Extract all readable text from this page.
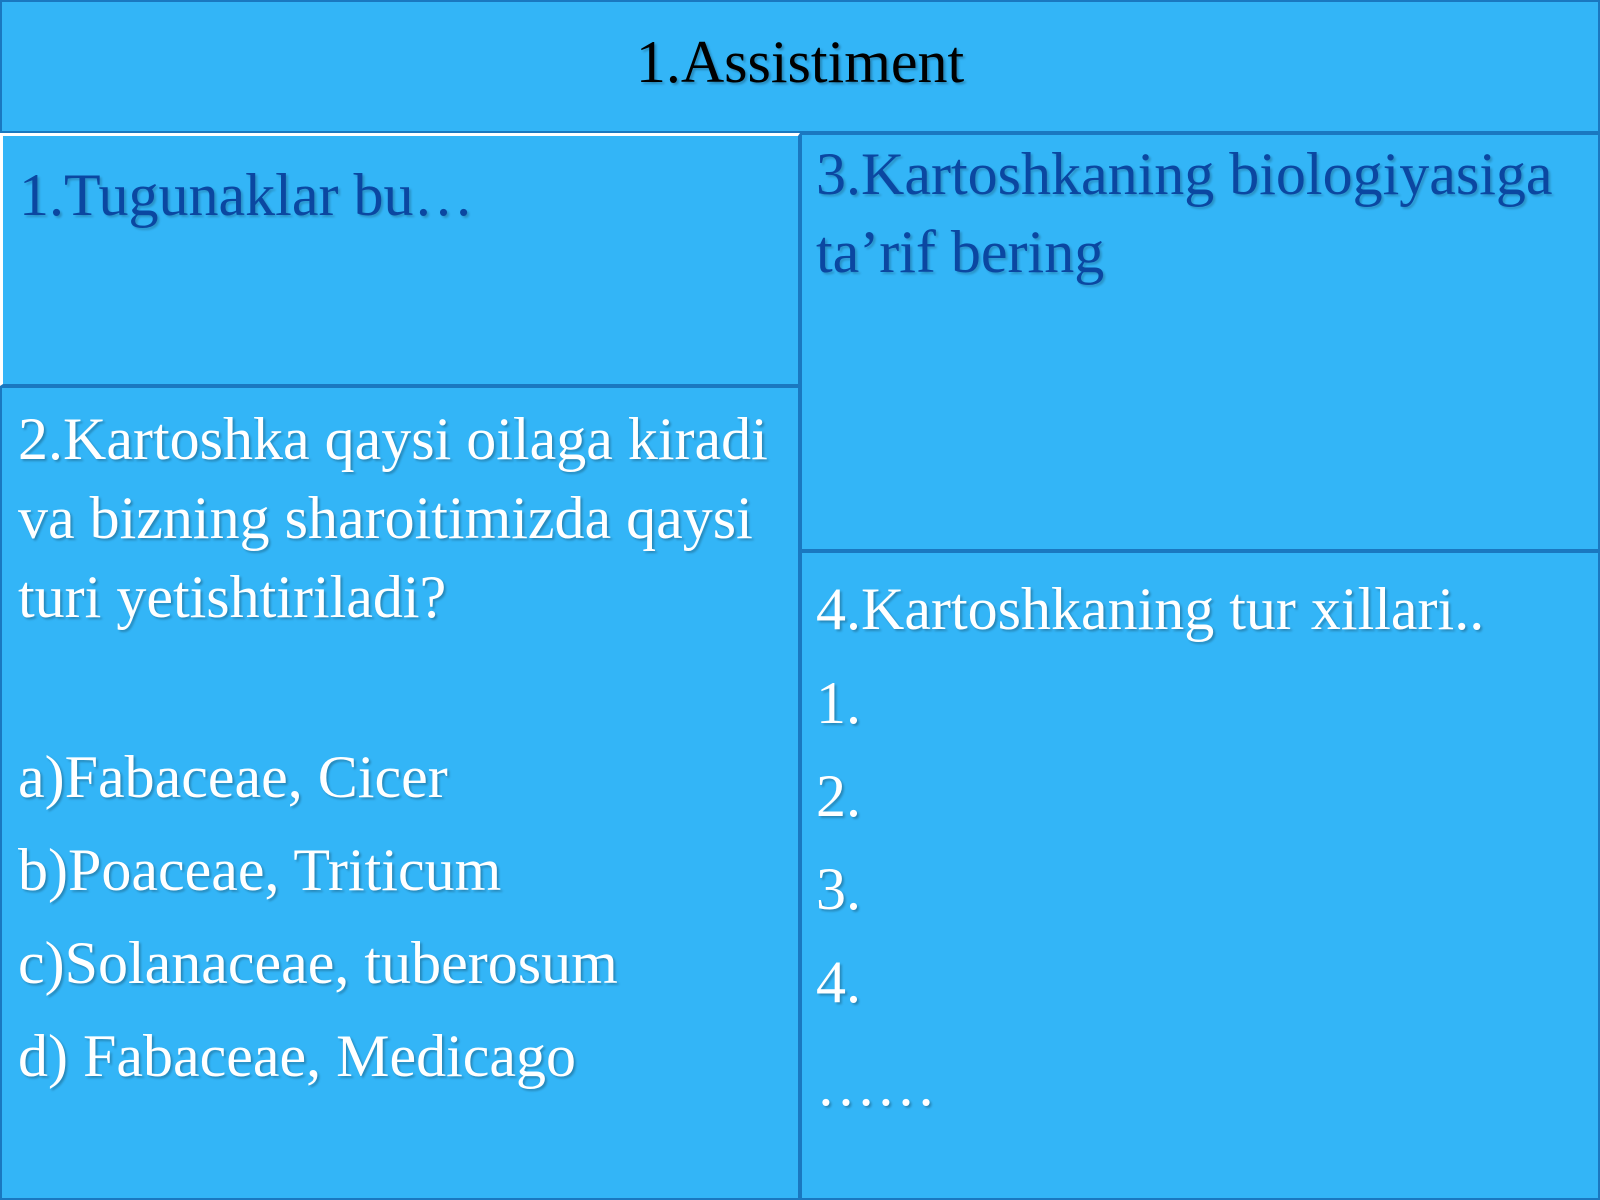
1.Assistiment
1.Tugunaklar bu…
2.Kartoshka qaysi oilaga kiradi va bizning sharoitimizda qaysi turi yetishtiriladi?
a)Fabaceae, Cicer
b)Poaceae, Triticum
c)Solanaceae, tuberosum
d) Fabaceae, Medicago
3.Kartoshkaning biologiyasiga ta’rif bering
4.Kartoshkaning tur xillari..
1.
2.
3.
4.
……
